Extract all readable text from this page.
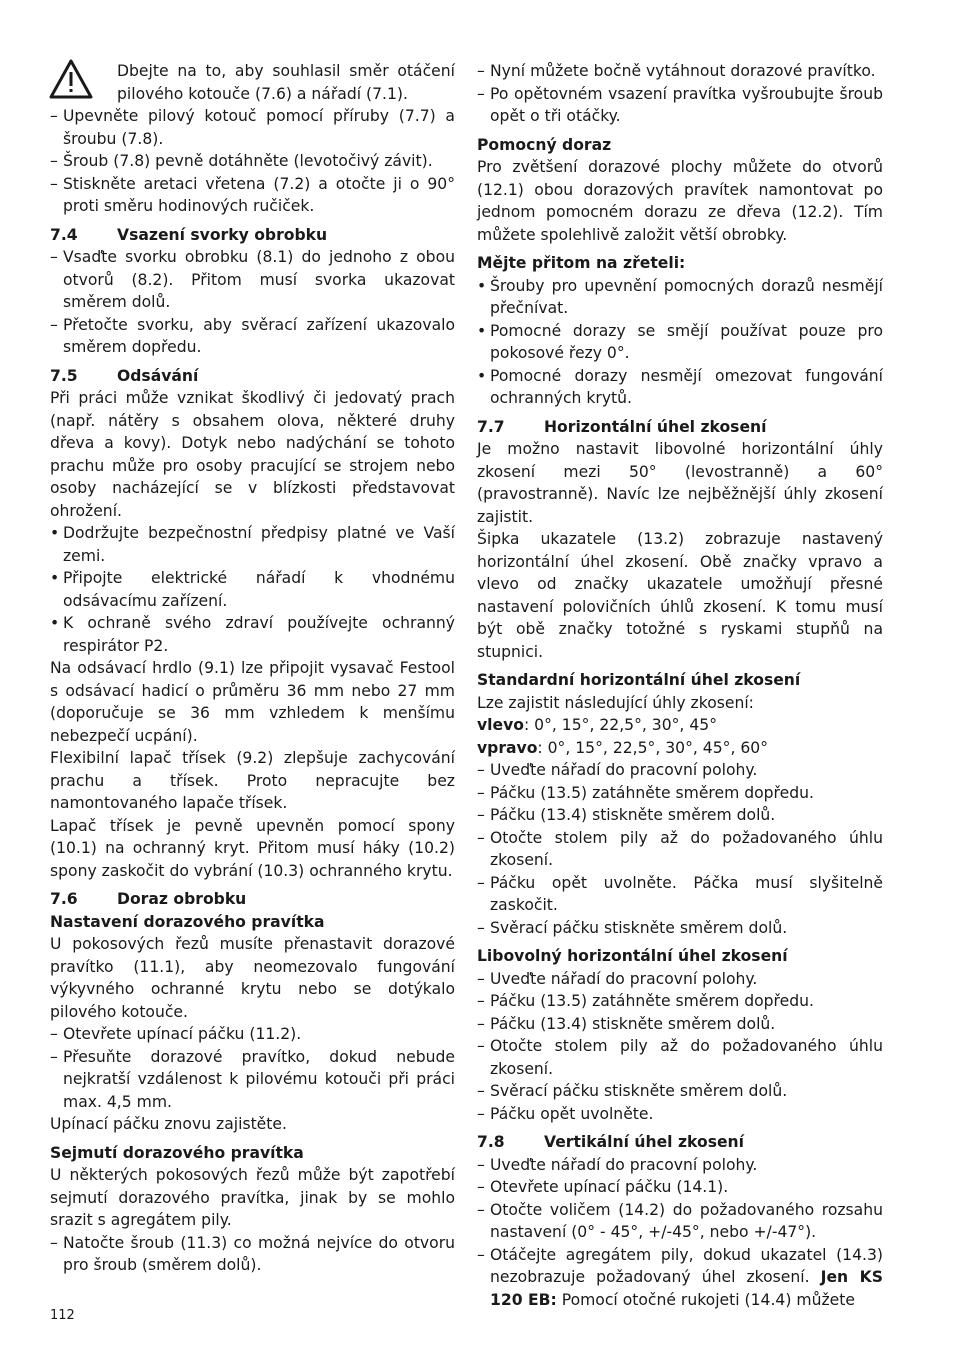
Dbejte na to, aby souhlasil směr otáčení pilového kotouče (7.6) a nářadí (7.1).

– Upevněte pilový kotouč pomocí příruby (7.7) a šroubu (7.8).
– Šroub (7.8) pevně dotáhněte (levotočivý závit).
– Stiskněte aretaci vřetena (7.2) a otočte ji o 90° proti směru hodinových ručiček.
7.4	Vsazení svorky obrobku
– Vsaďte svorku obrobku (8.1) do jednoho z obou otvorů (8.2). Přitom musí svorka ukazovat směrem dolů.
– Přetočte svorku, aby svěrací zařízení ukazovalo směrem dopředu.
7.5	Odsávání

Při práci může vznikat škodlivý či jedovatý prach (např. nátěry s obsahem olova, některé druhy dřeva a kovy). Dotyk nebo nadýchání se tohoto prachu může pro osoby pracující se strojem nebo osoby nacházející se v blízkosti představovat ohrožení.

• Dodržujte bezpečnostní předpisy platné ve Vaší zemi.
• Připojte elektrické nářadí k vhodnému odsávacímu zařízení.
• K ochraně svého zdraví používejte ochranný respirátor P2.

Na odsávací hrdlo (9.1) lze připojit vysavač Festool s odsávací hadicí o průměru 36 mm nebo 27 mm (doporučuje se 36 mm vzhledem k menšímu nebezpečí ucpání).

Flexibilní lapač třísek (9.2) zlepšuje zachycování prachu a třísek. Proto nepracujte bez namontovaného lapače třísek.

Lapač třísek je pevně upevněn pomocí spony (10.1) na ochranný kryt. Přitom musí háky (10.2) spony zaskočit do vybrání (10.3) ochranného krytu.

7.6	Doraz obrobku
Nastavení dorazového pravítka

U pokosových řezů musíte přenastavit dorazové pravítko (11.1), aby neomezovalo fungování výkyvného ochranné krytu nebo se dotýkalo pilového kotouče.

– Otevřete upínací páčku (11.2).
– Přesuňte dorazové pravítko, dokud nebude nejkratší vzdálenost k pilovému kotouči při práci max. 4,5 mm.

Upínací páčku znovu zajistěte.

Sejmutí dorazového pravítka

U některých pokosových řezů může být zapotřebí sejmutí dorazového pravítka, jinak by se mohlo srazit s agregátem pily.

– Natočte šroub (11.3) co možná nejvíce do otvoru pro šroub (směrem dolů).
– Nyní můžete bočně vytáhnout dorazové pravítko.
– Po opětovném vsazení pravítka vyšroubujte šroub opět o tři otáčky.
Pomocný doraz

Pro zvětšení dorazové plochy můžete do otvorů (12.1) obou dorazových pravítek namontovat po jednom pomocném dorazu ze dřeva (12.2). Tím můžete spolehlivě založit větší obrobky.

Mějte přitom na zřeteli:
• Šrouby pro upevnění pomocných dorazů nesmějí přečnívat.
• Pomocné dorazy se smějí používat pouze pro pokosové řezy 0°.
• Pomocné dorazy nesmějí omezovat fungování ochranných krytů.
7.7	Horizontální úhel zkosení

Je možno nastavit libovolné horizontální úhly zkosení mezi 50° (levostranně) a 60° (pravostranně). Navíc lze nejběžnější úhly zkosení zajistit.

Šipka ukazatele (13.2) zobrazuje nastavený horizontální úhel zkosení. Obě značky vpravo a vlevo od značky ukazatele umožňují přesné nastavení polovičních úhlů zkosení. K tomu musí být obě značky totožné s ryskami stupňů na stupnici.

Standardní horizontální úhel zkosení

Lze zajistit následující úhly zkosení:

vlevo: 0°, 15°, 22,5°, 30°, 45°

vpravo: 0°, 15°, 22,5°, 30°, 45°, 60°

– Uveďte nářadí do pracovní polohy.
– Páčku (13.5) zatáhněte směrem dopředu.
– Páčku (13.4) stiskněte směrem dolů.
– Otočte stolem pily až do požadovaného úhlu zkosení.
– Páčku opět uvolněte. Páčka musí slyšitelně zaskočit.
– Svěrací páčku stiskněte směrem dolů.
Libovolný horizontální úhel zkosení
– Uveďte nářadí do pracovní polohy.
– Páčku (13.5) zatáhněte směrem dopředu.
– Páčku (13.4) stiskněte směrem dolů.
– Otočte stolem pily až do požadovaného úhlu zkosení.
– Svěrací páčku stiskněte směrem dolů.
– Páčku opět uvolněte.
7.8	Vertikální úhel zkosení
– Uveďte nářadí do pracovní polohy.
– Otevřete upínací páčku (14.1).
– Otočte voličem (14.2) do požadovaného rozsahu nastavení (0° - 45°, +/-45°, nebo +/-47°).
– Otáčejte agregátem pily, dokud ukazatel (14.3) nezobrazuje požadovaný úhel zkosení. Jen KS 120 EB: Pomocí otočné rukojeti (14.4) můžete
112
